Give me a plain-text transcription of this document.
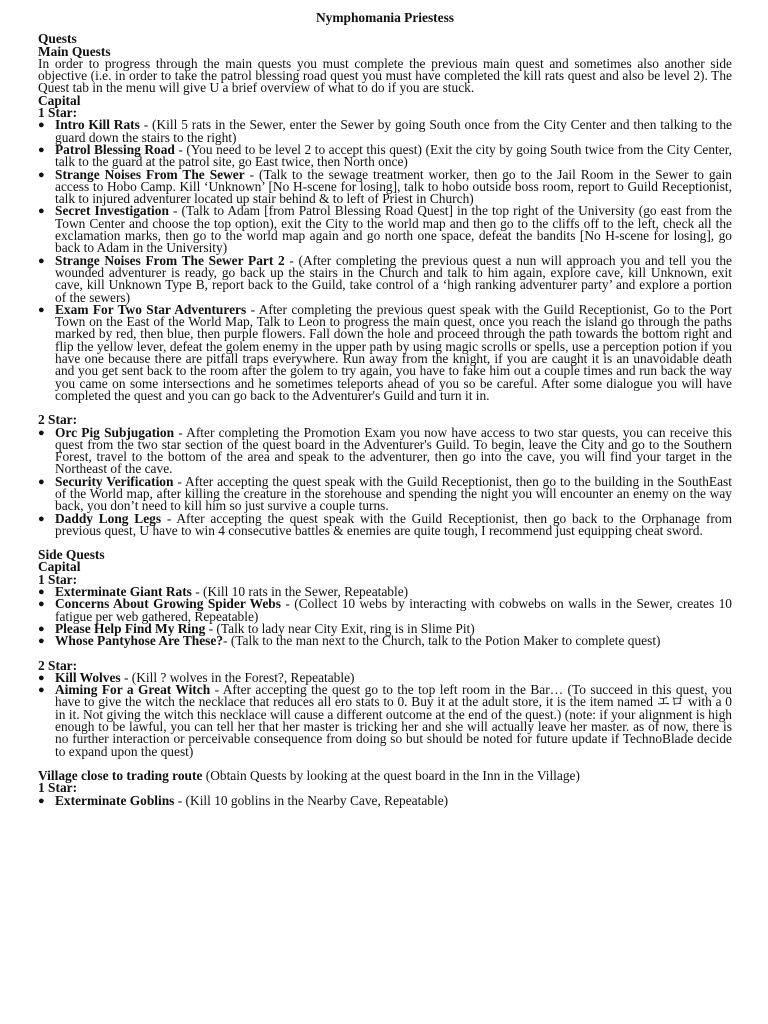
Nymphomania Priestess
Quests
Main Quests
In order to progress through the main quests you must complete the previous main quest and sometimes also another side objective (i.e. in order to take the patrol blessing road quest you must have completed the kill rats quest and also be level 2). The Quest tab in the menu will give U a brief overview of what to do if you are stuck.
Capital
1 Star:
● Intro Kill Rats - (Kill 5 rats in the Sewer, enter the Sewer by going South once from the City Center and then talking to the guard down the stairs to the right)
● Patrol Blessing Road - (You need to be level 2 to accept this quest) (Exit the city by going South twice from the City Center, talk to the guard at the patrol site, go East twice, then North once)
● Strange Noises From The Sewer - (Talk to the sewage treatment worker, then go to the Jail Room in the Sewer to gain access to Hobo Camp. Kill ‘Unknown’ [No H-scene for losing], talk to hobo outside boss room, report to Guild Receptionist, talk to injured adventurer located up stair behind & to left of Priest in Church)
● Secret Investigation - (Talk to Adam [from Patrol Blessing Road Quest] in the top right of the University (go east from the Town Center and choose the top option), exit the City to the world map and then go to the cliffs off to the left, check all the exclamation marks, then go to the world map again and go north one space, defeat the bandits [No H-scene for losing], go back to Adam in the University)
● Strange Noises From The Sewer Part 2 - (After completing the previous quest a nun will approach you and tell you the wounded adventurer is ready, go back up the stairs in the Church and talk to him again, explore cave, kill Unknown, exit cave, kill Unknown Type B, report back to the Guild, take control of a ‘high ranking adventurer party’ and explore a portion of the sewers)
● Exam For Two Star Adventurers - After completing the previous quest speak with the Guild Receptionist, Go to the Port Town on the East of the World Map, Talk to Leon to progress the main quest, once you reach the island go through the paths marked by red, then blue, then purple flowers. Fall down the hole and proceed through the path towards the bottom right and flip the yellow lever, defeat the golem enemy in the upper path by using magic scrolls or spells, use a perception potion if you have one because there are pitfall traps everywhere. Run away from the knight, if you are caught it is an unavoidable death and you get sent back to the room after the golem to try again, you have to fake him out a couple times and run back the way you came on some intersections and he sometimes teleports ahead of you so be careful. After some dialogue you will have completed the quest and you can go back to the Adventurer's Guild and turn it in.
2 Star:
● Orc Pig Subjugation - After completing the Promotion Exam you now have access to two star quests, you can receive this quest from the two star section of the quest board in the Adventurer's Guild. To begin, leave the City and go to the Southern Forest, travel to the bottom of the area and speak to the adventurer, then go into the cave, you will find your target in the Northeast of the cave.
● Security Verification - After accepting the quest speak with the Guild Receptionist, then go to the building in the SouthEast of the World map, after killing the creature in the storehouse and spending the night you will encounter an enemy on the way back, you don’t need to kill him so just survive a couple turns.
● Daddy Long Legs - After accepting the quest speak with the Guild Receptionist, then go back to the Orphanage from previous quest, U have to win 4 consecutive battles & enemies are quite tough, I recommend just equipping cheat sword.
Side Quests
Capital
1 Star:
● Exterminate Giant Rats - (Kill 10 rats in the Sewer, Repeatable)
● Concerns About Growing Spider Webs - (Collect 10 webs by interacting with cobwebs on walls in the Sewer, creates 10 fatigue per web gathered, Repeatable)
● Please Help Find My Ring - (Talk to lady near City Exit, ring is in Slime Pit)
● Whose Pantyhose Are These?- (Talk to the man next to the Church, talk to the Potion Maker to complete quest)
2 Star:
● Kill Wolves - (Kill ? wolves in the Forest?, Repeatable)
● Aiming For a Great Witch - After accepting the quest go to the top left room in the Bar… (To succeed in this quest, you have to give the witch the necklace that reduces all ero stats to 0. Buy it at the adult store, it is the item named エロ with a 0 in it. Not giving the witch this necklace will cause a different outcome at the end of the quest.) (note: if your alignment is high enough to be lawful, you can tell her that her master is tricking her and she will actually leave her master. as of now, there is no further interaction or perceivable consequence from doing so but should be noted for future update if TechnoBlade decide to expand upon the quest)
Village close to trading route (Obtain Quests by looking at the quest board in the Inn in the Village)
1 Star:
● Exterminate Goblins - (Kill 10 goblins in the Nearby Cave, Repeatable)
